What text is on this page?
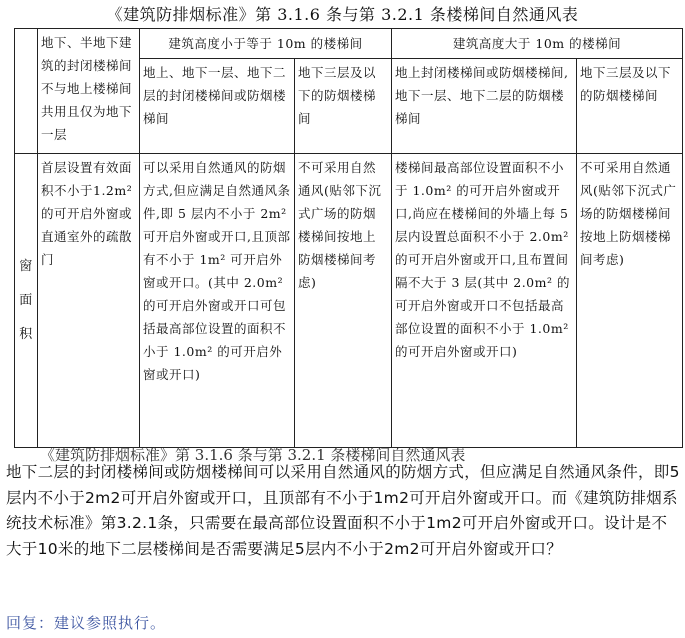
《建筑防排烟标准》第 3.1.6 条与第 3.2.1 条楼梯间自然通风表
	地下、半地下建筑的封闭楼梯间不与地上楼梯间共用且仅为地下一层	建筑高度小于等于 10m 的楼梯间		建筑高度大于 10m 的楼梯间	
		地上、地下一层、地下二层的封闭楼梯间或防烟楼梯间	地下三层及以下的防烟楼梯间	地上封闭楼梯间或防烟楼梯间,地下一层、地下二层的防烟楼梯间	地下三层及以下的防烟楼梯间

窗
面
积	首层设置有效面积不小于1.2m² 的可开启外窗或直通室外的疏散门	可以采用自然通风的防烟方式,但应满足自然通风条件,即 5 层内不小于 2m² 可开启外窗或开口,且顶部有不小于 1m² 可开启外窗或开口。(其中 2.0m² 的可开启外窗或开口可包括最高部位设置的面积不小于 1.0m² 的可开启外窗或开口)	不可采用自然通风(贴邻下沉式广场的防烟楼梯间按地上防烟楼梯间考虑)	楼梯间最高部位设置面积不小于 1.0m² 的可开启外窗或开口,尚应在楼梯间的外墙上每 5 层内设置总面积不小于 2.0m² 的可开启外窗或开口,且布置间隔不大于 3 层(其中 2.0m² 的可开启外窗或开口不包括最高部位设置的面积不小于 1.0m² 的可开启外窗或开口)	不可采用自然通风(贴邻下沉式广场的防烟楼梯间按地上防烟楼梯间考虑)
《建筑防排烟标准》第 3.1.6 条与第 3.2.1 条楼梯间自然通风表
地下二层的封闭楼梯间或防烟楼梯间可以采用自然通风的防烟方式，但应满足自然通风条件，即5层内不小于2m2可开启外窗或开口，且顶部有不小于1m2可开启外窗或开口。而《建筑防排烟系统技术标准》第3.2.1条，只需要在最高部位设置面积不小于1m2可开启外窗或开口。设计是不大于10米的地下二层楼梯间是否需要满足5层内不小于2m2可开启外窗或开口？
回复：建议参照执行。
